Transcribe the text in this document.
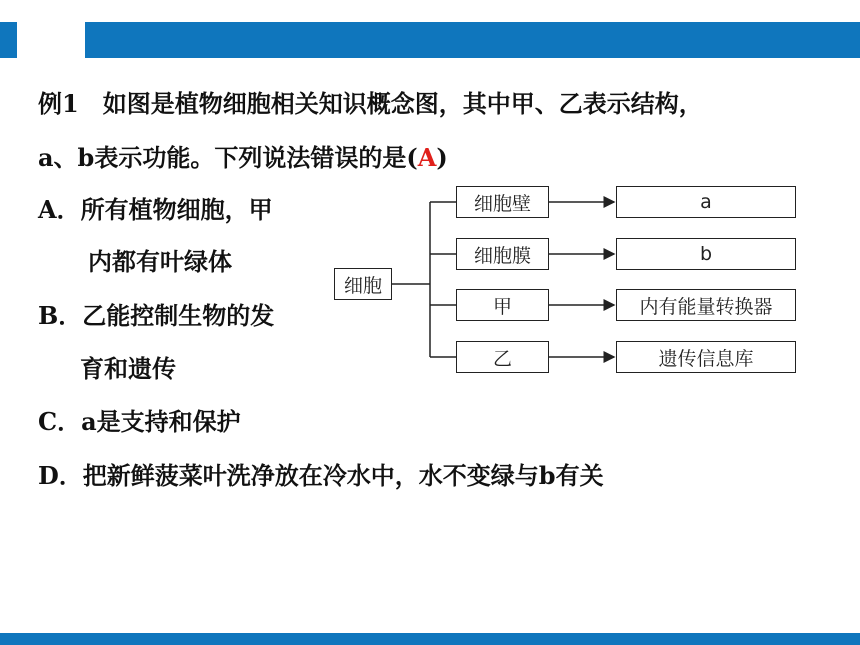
例1　如图是植物细胞相关知识概念图，其中甲、乙表示结构，
a、b表示功能。下列说法错误的是(A)
A．所有植物细胞，甲
内都有叶绿体
B．乙能控制生物的发
育和遗传
C．a是支持和保护
D．把新鲜菠菜叶洗净放在冷水中，水不变绿与b有关
细胞
细胞壁
细胞膜
甲
乙
a
b
内有能量转换器
遗传信息库
